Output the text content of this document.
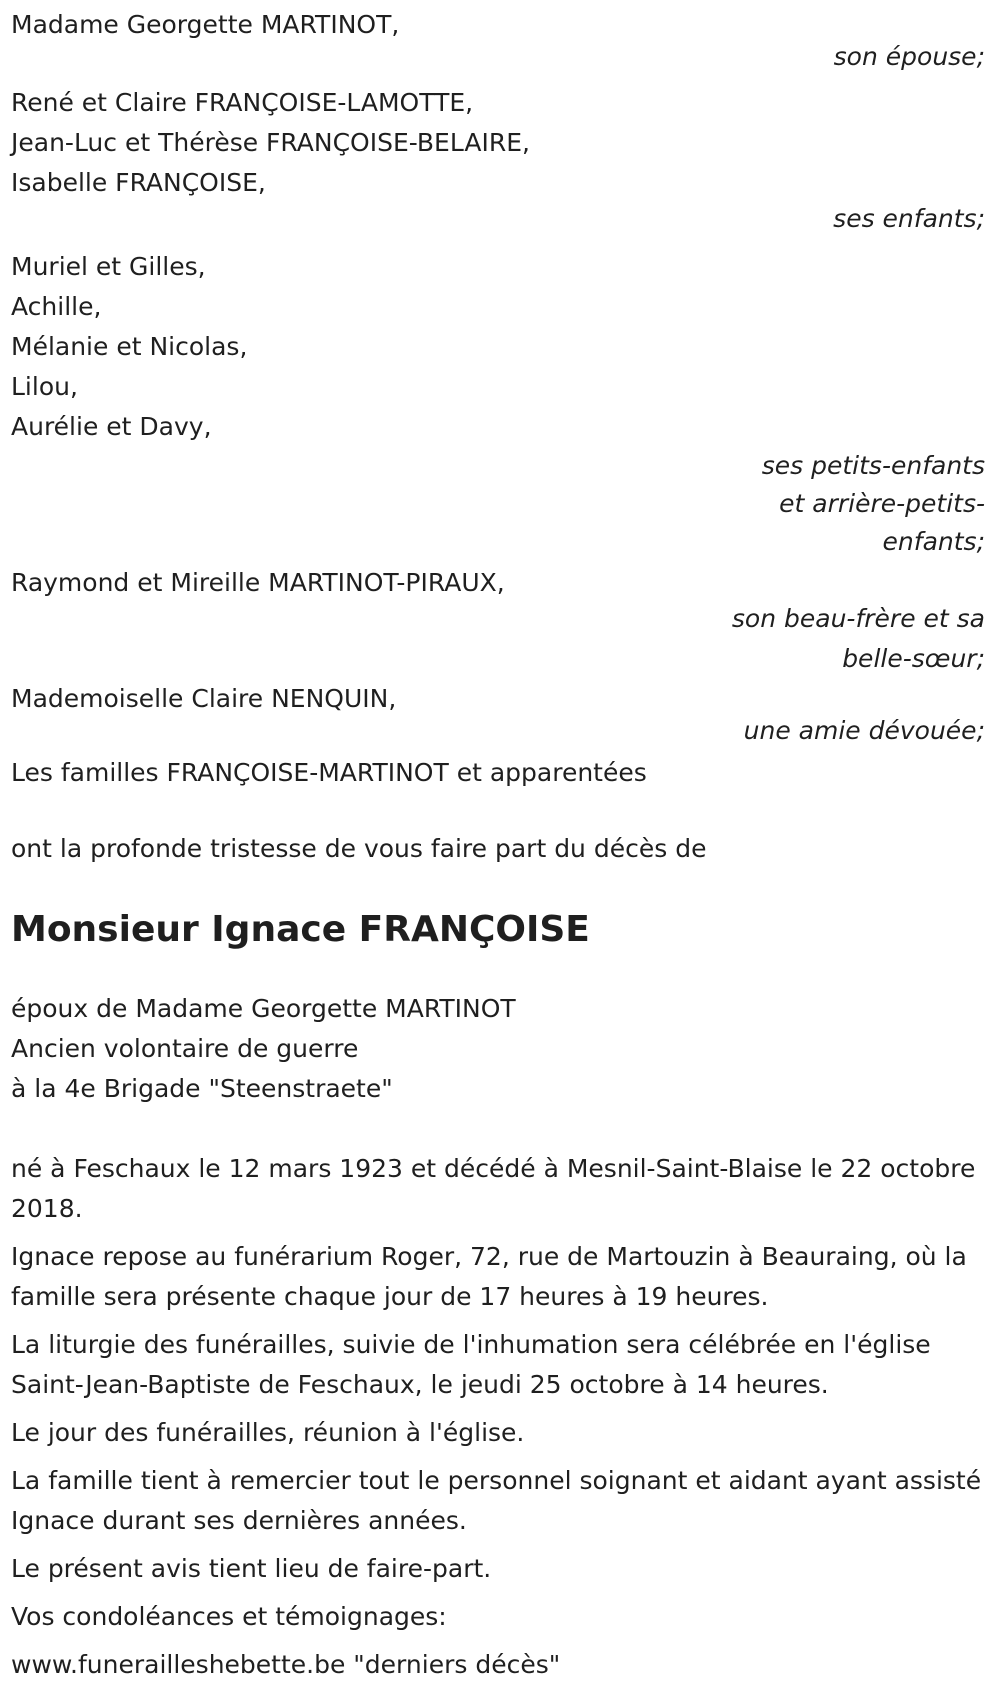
Madame Georgette MARTINOT,
son épouse;
René et Claire FRANÇOISE-LAMOTTE,
Jean-Luc et Thérèse FRANÇOISE-BELAIRE,
Isabelle FRANÇOISE,
ses enfants;
Muriel et Gilles,
Achille,
Mélanie et Nicolas,
Lilou,
Aurélie et Davy,
ses petits-enfants
et arrière-petits-
enfants;
Raymond et Mireille MARTINOT-PIRAUX,
son beau-frère et sa
belle-sœur;
Mademoiselle Claire NENQUIN,
une amie dévouée;
Les familles FRANÇOISE-MARTINOT et apparentées
ont la profonde tristesse de vous faire part du décès de
Monsieur Ignace FRANÇOISE
époux de Madame Georgette MARTINOT
Ancien volontaire de guerre
à la 4e Brigade "Steenstraete"
né à Feschaux le 12 mars 1923 et décédé à Mesnil-Saint-Blaise le 22 octobre 2018.
Ignace repose au funérarium Roger, 72, rue de Martouzin à Beauraing, où la famille sera présente chaque jour de 17 heures à 19 heures.
La liturgie des funérailles, suivie de l'inhumation sera célébrée en l'église Saint-Jean-Baptiste de Feschaux, le jeudi 25 octobre à 14 heures.
Le jour des funérailles, réunion à l'église.
La famille tient à remercier tout le personnel soignant et aidant ayant assisté Ignace durant ses dernières années.
Le présent avis tient lieu de faire-part.
Vos condoléances et témoignages:
www.funerailleshebette.be "derniers décès"
